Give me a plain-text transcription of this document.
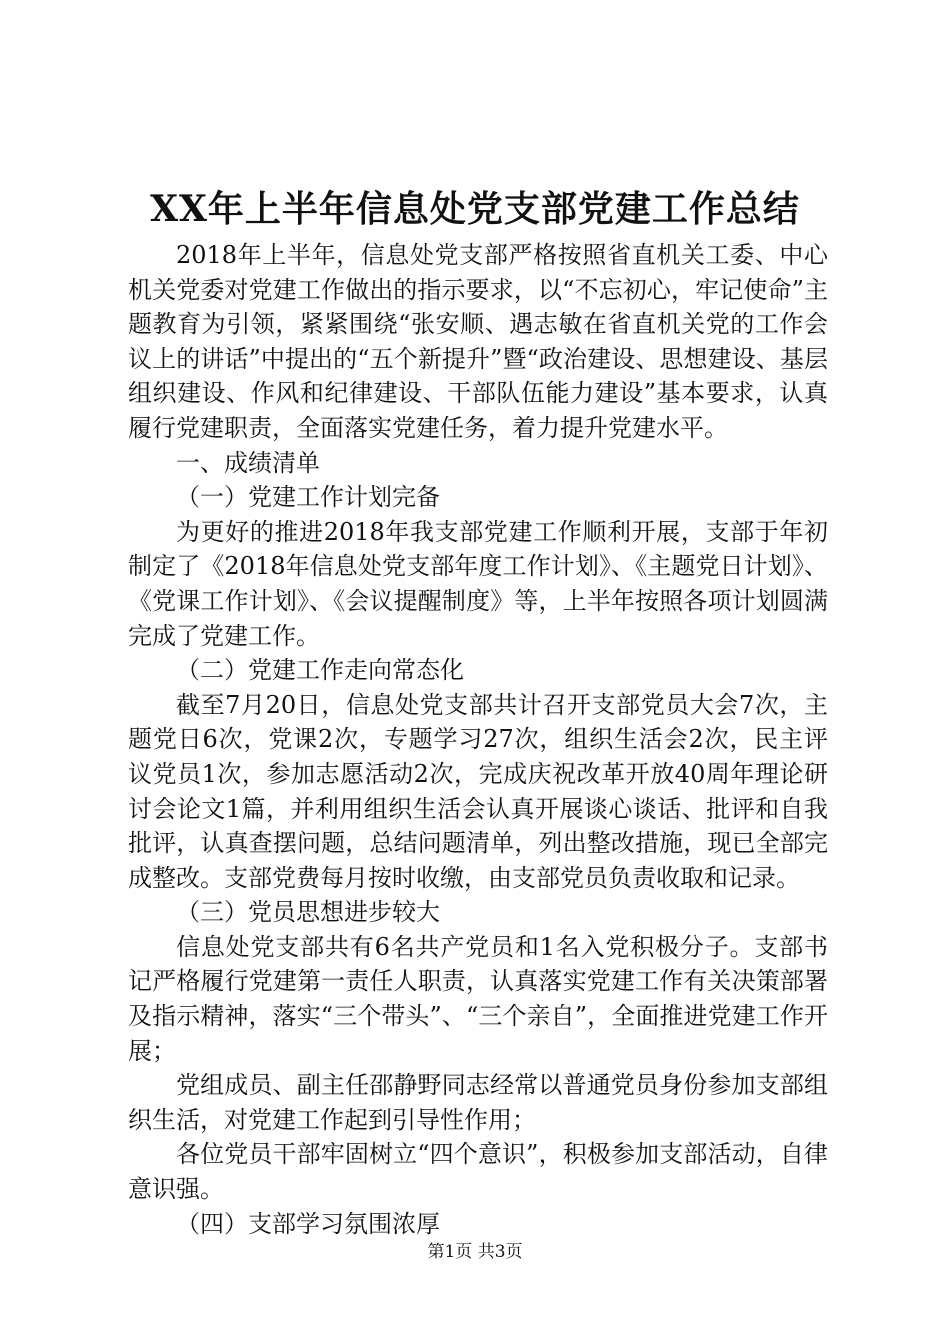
XX年上半年信息处党支部党建工作总结

2018年上半年，信息处党支部严格按照省直机关工委、中心机关党委对党建工作做出的指示要求，以“不忘初心，牢记使命”主题教育为引领，紧紧围绕“张安顺、遇志敏在省直机关党的工作会议上的讲话”中提出的“五个新提升”暨“政治建设、思想建设、基层组织建设、作风和纪律建设、干部队伍能力建设”基本要求，认真履行党建职责，全面落实党建任务，着力提升党建水平。

一、成绩清单

（一）党建工作计划完备

为更好的推进2018年我支部党建工作顺利开展，支部于年初制定了《2018年信息处党支部年度工作计划》、《主题党日计划》、《党课工作计划》、《会议提醒制度》等，上半年按照各项计划圆满完成了党建工作。

（二）党建工作走向常态化

截至7月20日，信息处党支部共计召开支部党员大会7次，主题党日6次，党课2次，专题学习27次，组织生活会2次，民主评议党员1次，参加志愿活动2次，完成庆祝改革开放40周年理论研讨会论文1篇，并利用组织生活会认真开展谈心谈话、批评和自我批评，认真查摆问题，总结问题清单，列出整改措施，现已全部完成整改。支部党费每月按时收缴，由支部党员负责收取和记录。

（三）党员思想进步较大

信息处党支部共有6名共产党员和1名入党积极分子。支部书记严格履行党建第一责任人职责，认真落实党建工作有关决策部署及指示精神，落实“三个带头”、“三个亲自”，全面推进党建工作开展；

党组成员、副主任邵静野同志经常以普通党员身份参加支部组织生活，对党建工作起到引导性作用；

各位党员干部牢固树立“四个意识”，积极参加支部活动，自律意识强。

（四）支部学习氛围浓厚

第1页 共3页
